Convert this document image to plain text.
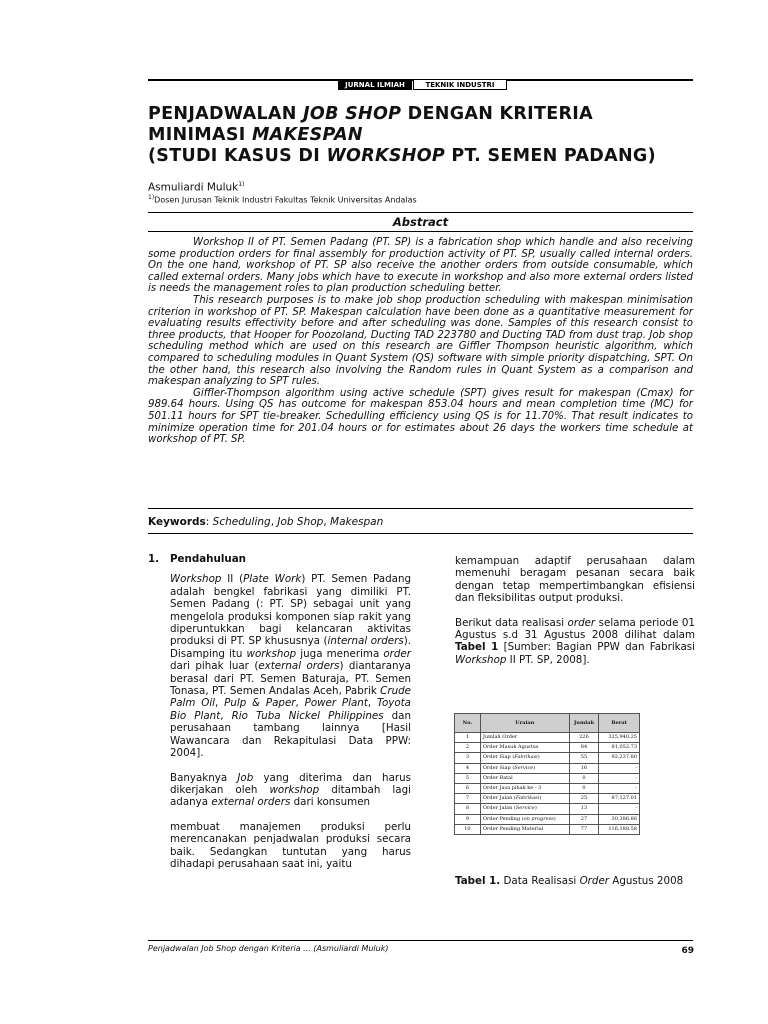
JURNAL ILMIAH	TEKNIK INDUSTRI
PENJADWALAN JOB SHOP DENGAN KRITERIA
MINIMASI MAKESPAN
(STUDI KASUS DI WORKSHOP PT. SEMEN PADANG)
Asmuliardi Muluk$^{1)}$
$^{1)}$Dosen Jurusan Teknik Industri Fakultas Teknik Universitas Andalas
Abstract

Workshop II of PT. Semen Padang (PT. SP) is a fabrication shop which handle and also receiving some production orders for final assembly for production activity of PT. SP, usually called internal orders. On the one hand, workshop of PT. SP also receive the another orders from outside consumable, which called external orders. Many jobs which have to execute in workshop and also more external orders listed is needs the management roles to plan production scheduling better.

This research purposes is to make job shop production scheduling with makespan minimisation criterion in workshop of PT. SP. Makespan calculation have been done as a quantitative measurement for evaluating results effectivity before and after scheduling was done. Samples of this research consist to three products, that Hooper for Poozoland, Ducting TAD 223780 and Ducting TAD from dust trap. Job shop scheduling method which are used on this research are Giffler Thompson heuristic algorithm, which compared to scheduling modules in Quant System (QS) software with simple priority dispatching, SPT. On the other hand, this research also involving the Random rules in Quant System as a comparison and makespan analyzing to SPT rules.

Giffler-Thompson algorithm using active schedule (SPT) gives result for makespan (Cmax) for 989.64 hours. Using QS has outcome for makespan 853.04 hours and mean completion time (MC) for 501.11 hours for SPT tie-breaker. Schedulling efficiency using QS is for 11.70%. That result indicates to minimize operation time for 201.04 hours or for estimates about 26 days the workers time schedule at workshop of PT. SP.

Keywords: Scheduling, Job Shop, Makespan
1. Pendahuluan

Workshop II (Plate Work) PT. Semen Padang adalah bengkel fabrikasi yang dimiliki PT. Semen Padang (: PT. SP) sebagai unit yang mengelola produksi komponen siap rakit yang diperuntukkan bagi kelancaran aktivitas produksi di PT. SP khususnya (internal orders). Disamping itu workshop juga menerima order dari pihak luar (external orders) diantaranya berasal dari PT. Semen Baturaja, PT. Semen Tonasa, PT. Semen Andalas Aceh, Pabrik Crude Palm Oil, Pulp & Paper, Power Plant, Toyota Bio Plant, Rio Tuba Nickel Philippines dan perusahaan tambang lainnya [Hasil Wawancara dan Rekapitulasi Data PPW: 2004].

Banyaknya Job yang diterima dan harus dikerjakan oleh workshop ditambah lagi adanya external orders dari konsumen

membuat manajemen produksi perlu merencanakan penjadwalan produksi secara baik. Sedangkan tuntutan yang harus dihadapi perusahaan saat ini, yaitu

kemampuan adaptif perusahaan dalam memenuhi beragam pesanan secara baik dengan tetap mempertimbangkan efisiensi dan fleksibilitas output produksi.

Berikut data realisasi order selama periode 01 Agustus s.d 31 Agustus 2008 dilihat dalam Tabel 1 [Sumber: Bagian PPW dan Fabrikasi Workshop II PT. SP, 2008].

No.	Uraian	Jumlah	Berat
1	Jumlah Order	226	325,940.25
2	Order Masuk Agustus	84	81,052.73
3	Order Siap (Fabrikasi)	55	92,237.80
4	Order Siap (Service)	16	-
5	Order Batal	0	-
6	Order Jasa pihak ke - 3	0	-
7	Order Jalan (Fabrikasi)	25	87,127.01
8	Order Jalan (Service)	13	-
9	Order Pending (on progress)	27	30,386.86
10	Order Pending Material	77	116,188.58
Tabel 1. Data Realisasi Order Agustus 2008
Penjadwalan Job Shop dengan Kriteria ... (Asmuliardi Muluk)	69
